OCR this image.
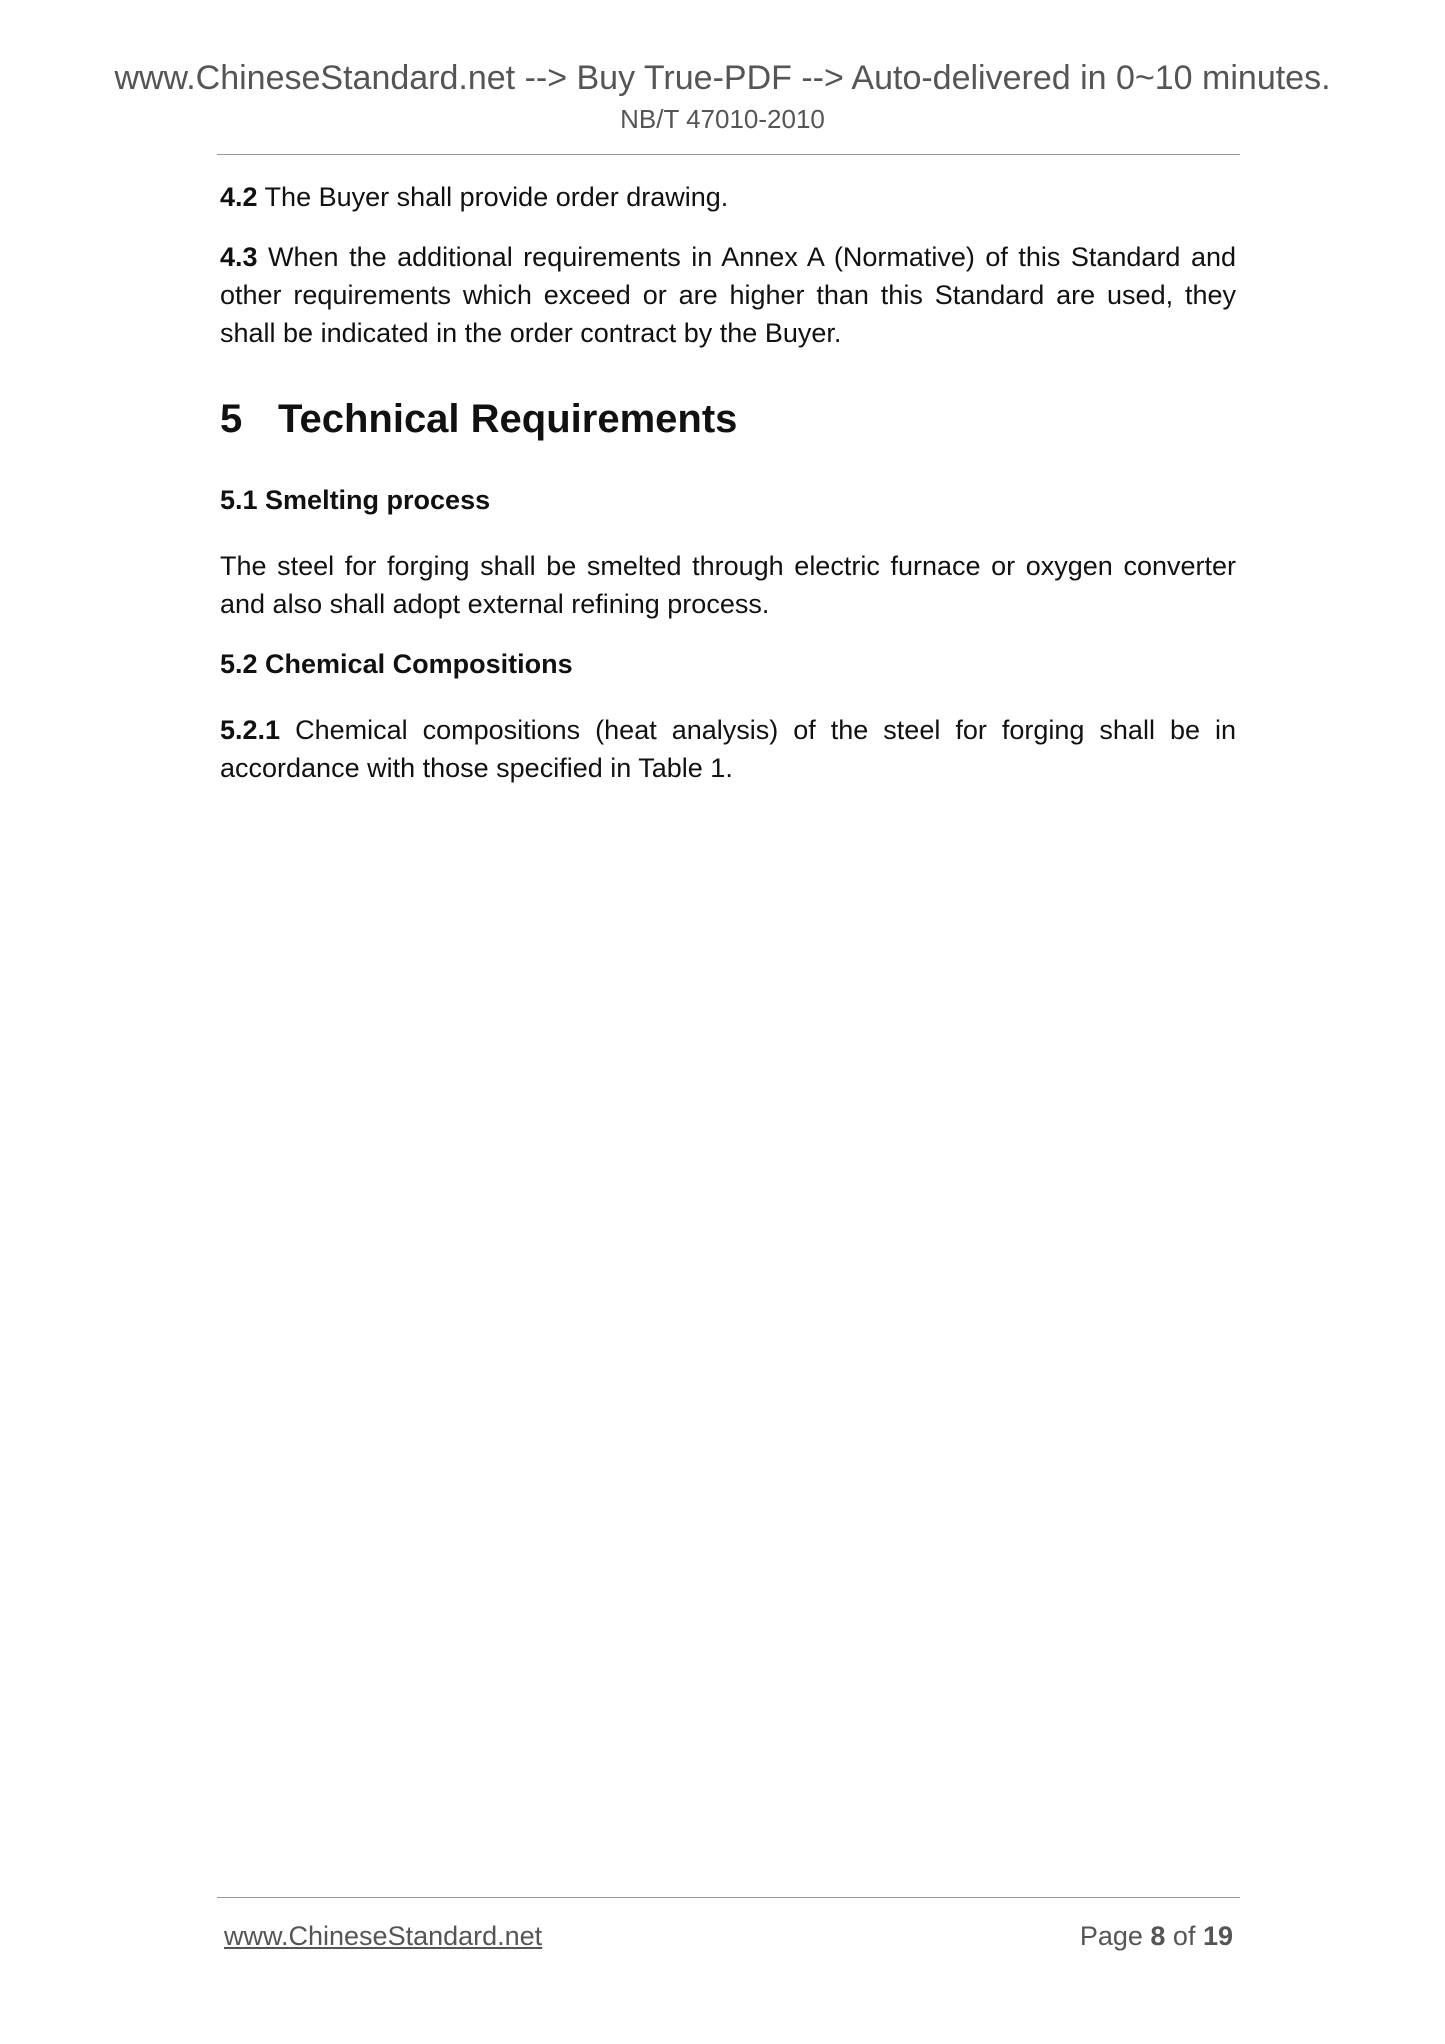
www.ChineseStandard.net --> Buy True-PDF --> Auto-delivered in 0~10 minutes.
NB/T 47010-2010

4.2 The Buyer shall provide order drawing.

4.3 When the additional requirements in Annex A (Normative) of this Standard and other requirements which exceed or are higher than this Standard are used, they shall be indicated in the order contract by the Buyer.

5 Technical Requirements
5.1 Smelting process

The steel for forging shall be smelted through electric furnace or oxygen converter and also shall adopt external refining process.

5.2 Chemical Compositions

5.2.1 Chemical compositions (heat analysis) of the steel for forging shall be in accordance with those specified in Table 1.

www.ChineseStandard.net	Page 8 of 19
